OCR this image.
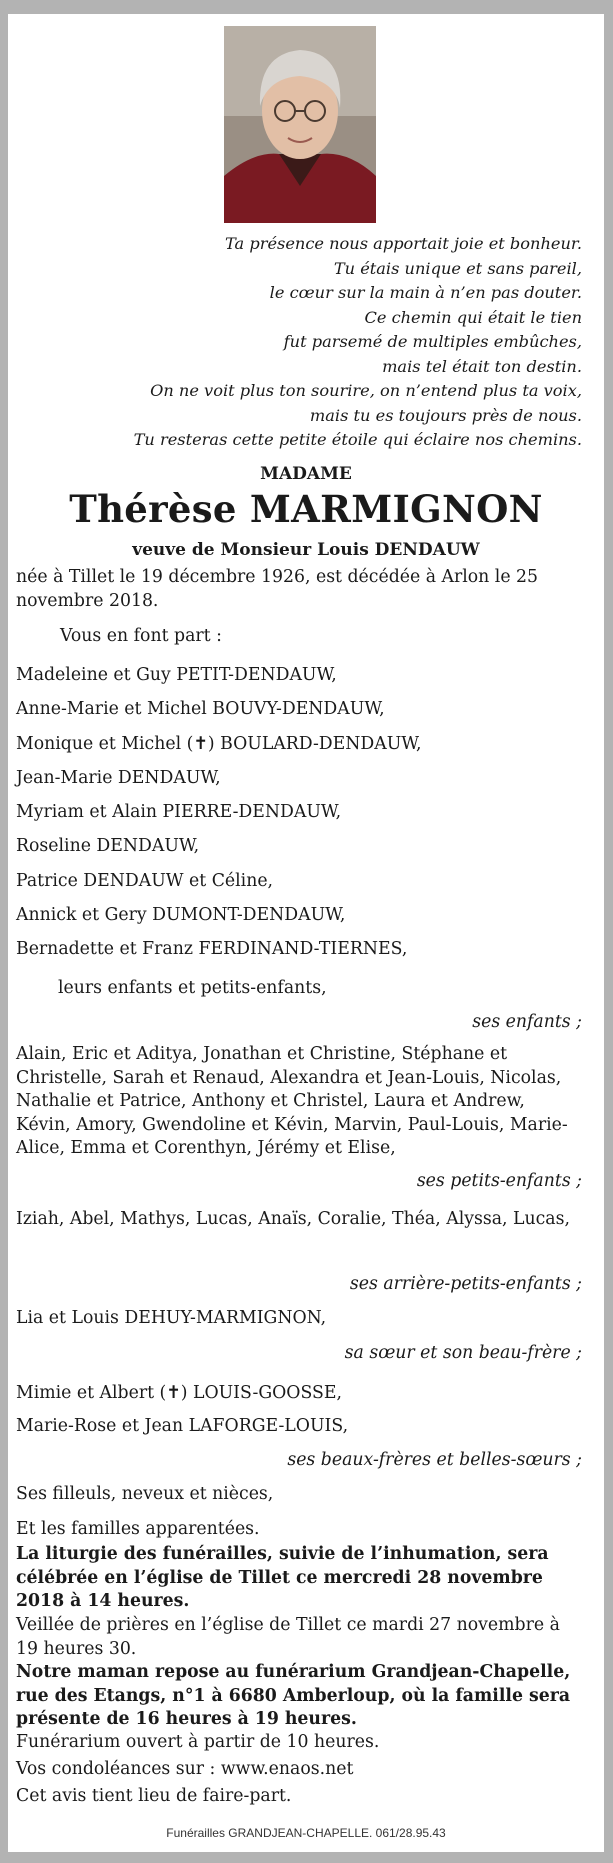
Ta présence nous apportait joie et bonheur.
Tu étais unique et sans pareil,
le cœur sur la main à n’en pas douter.
Ce chemin qui était le tien
fut parsemé de multiples embûches,
mais tel était ton destin.
On ne voit plus ton sourire, on n’entend plus ta voix,
mais tu es toujours près de nous.
Tu resteras cette petite étoile qui éclaire nos chemins.
MADAME
Thérèse MARMIGNON
veuve de Monsieur Louis DENDAUW
née à Tillet le 19 décembre 1926, est décédée à Arlon le 25 novembre 2018.
Vous en font part :
Madeleine et Guy PETIT-DENDAUW,
Anne-Marie et Michel BOUVY-DENDAUW,
Monique et Michel (✝) BOULARD-DENDAUW,
Jean-Marie DENDAUW,
Myriam et Alain PIERRE-DENDAUW,
Roseline DENDAUW,
Patrice DENDAUW et Céline,
Annick et Gery DUMONT-DENDAUW,
Bernadette et Franz FERDINAND-TIERNES,
leurs enfants et petits-enfants,
ses enfants ;
Alain, Eric et Aditya, Jonathan et Christine, Stéphane et Christelle, Sarah et Renaud, Alexandra et Jean-Louis, Nicolas, Nathalie et Patrice, Anthony et Christel, Laura et Andrew, Kévin, Amory, Gwendoline et Kévin, Marvin, Paul-Louis, Marie-Alice, Emma et Corenthyn, Jérémy et Elise,
ses petits-enfants ;
Iziah, Abel, Mathys, Lucas, Anaïs, Coralie, Théa, Alyssa, Lucas,
ses arrière-petits-enfants ;
Lia et Louis DEHUY-MARMIGNON,
sa sœur et son beau-frère ;
Mimie et Albert (✝) LOUIS-GOOSSE,
Marie-Rose et Jean LAFORGE-LOUIS,
ses beaux-frères et belles-sœurs ;
Ses filleuls, neveux et nièces,
Et les familles apparentées.
La liturgie des funérailles, suivie de l’inhumation, sera célébrée en l’église de Tillet ce mercredi 28 novembre 2018 à 14 heures.
Veillée de prières en l’église de Tillet ce mardi 27 novembre à 19 heures 30.
Notre maman repose au funérarium Grandjean-Chapelle, rue des Etangs, n°1 à 6680 Amberloup, où la famille sera présente de 16 heures à 19 heures.
Funérarium ouvert à partir de 10 heures.
Vos condoléances sur : www.enaos.net
Cet avis tient lieu de faire-part.
Funérailles GRANDJEAN-CHAPELLE. 061/28.95.43
